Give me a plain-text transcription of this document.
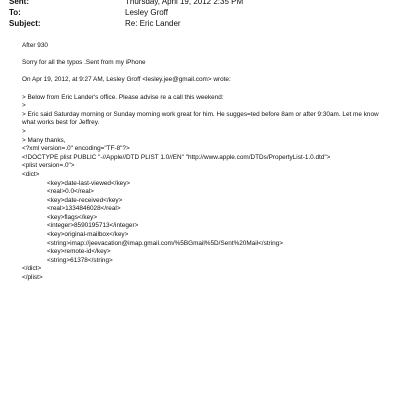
Sent:	Thursday, April 19, 2012 2:35 PM
To:	Lesley Groff
Subject:	Re: Eric Lander
After 930
Sorry for all the typos .Sent from my iPhone
On Apr 19, 2012, at 9:27 AM, Lesley Groff <lesley.jee@gmail.com> wrote:
> Below from Eric Lander's office. Please advise re a call this weekend:
>
> Eric said Saturday morning or Sunday morning work great for him. He sugges=ted before 8am or after 9:30am. Let me know what works best for Jeffrey.
>
> Many thanks,
<?xml version=.0" encoding="TF-8"?>
<!DOCTYPE plist PUBLIC "-//Apple//DTD PLIST 1.0//EN" "http://www.apple.com/DTDs/PropertyList-1.0.dtd">
<plist version=.0">
<dict>
<key>date-last-viewed</key>
<real>0.0</real>
<key>date-received</key>
<real>1334846028</real>
<key>flags</key>
<integer>8590195713</integer>
<key>original-mailbox</key>
<string>imap://jeevacation@imap.gmail.com/%5BGmail%5D/Sent%20Mail</string>
<key>remote-id</key>
<string>61378</string>
</dict>
</plist>
